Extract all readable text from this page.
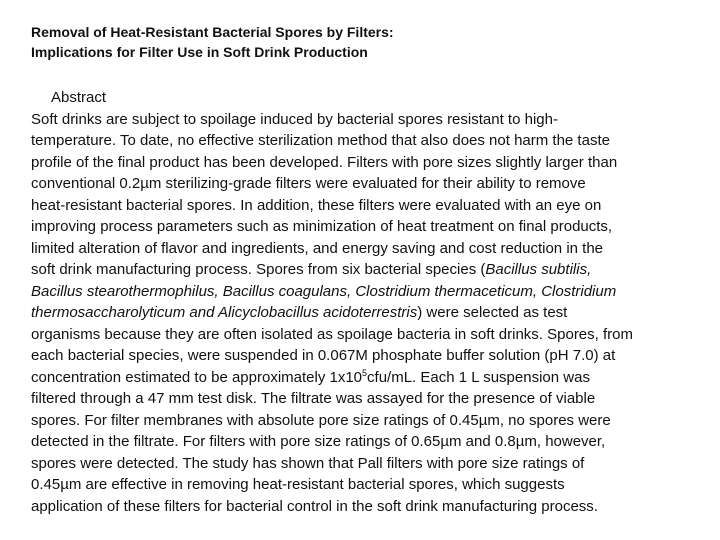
Removal of Heat-Resistant Bacterial Spores by Filters:
Implications for Filter Use in Soft Drink Production
Abstract
Soft drinks are subject to spoilage induced by bacterial spores resistant to high-
temperature. To date, no effective sterilization method that also does not harm the taste
profile of the final product has been developed. Filters with pore sizes slightly larger than
conventional 0.2µm sterilizing-grade filters were evaluated for their ability to remove
heat-resistant bacterial spores. In addition, these filters were evaluated with an eye on
improving process parameters such as minimization of heat treatment on final products,
limited alteration of flavor and ingredients, and energy saving and cost reduction in the
soft drink manufacturing process. Spores from six bacterial species (Bacillus subtilis,
Bacillus stearothermophilus, Bacillus coagulans, Clostridium thermaceticum, Clostridium
thermosaccharolyticum and Alicyclobacillus acidoterrestris) were selected as test
organisms because they are often isolated as spoilage bacteria in soft drinks. Spores, from
each bacterial species, were suspended in 0.067M phosphate buffer solution (pH 7.0) at
concentration estimated to be approximately $1x10^5cfu/mL$. Each 1 L suspension was
filtered through a 47 mm test disk. The filtrate was assayed for the presence of viable
spores. For filter membranes with absolute pore size ratings of 0.45µm, no spores were
detected in the filtrate. For filters with pore size ratings of 0.65µm and 0.8µm, however,
spores were detected. The study has shown that Pall filters with pore size ratings of
0.45µm are effective in removing heat-resistant bacterial spores, which suggests
application of these filters for bacterial control in the soft drink manufacturing process.
